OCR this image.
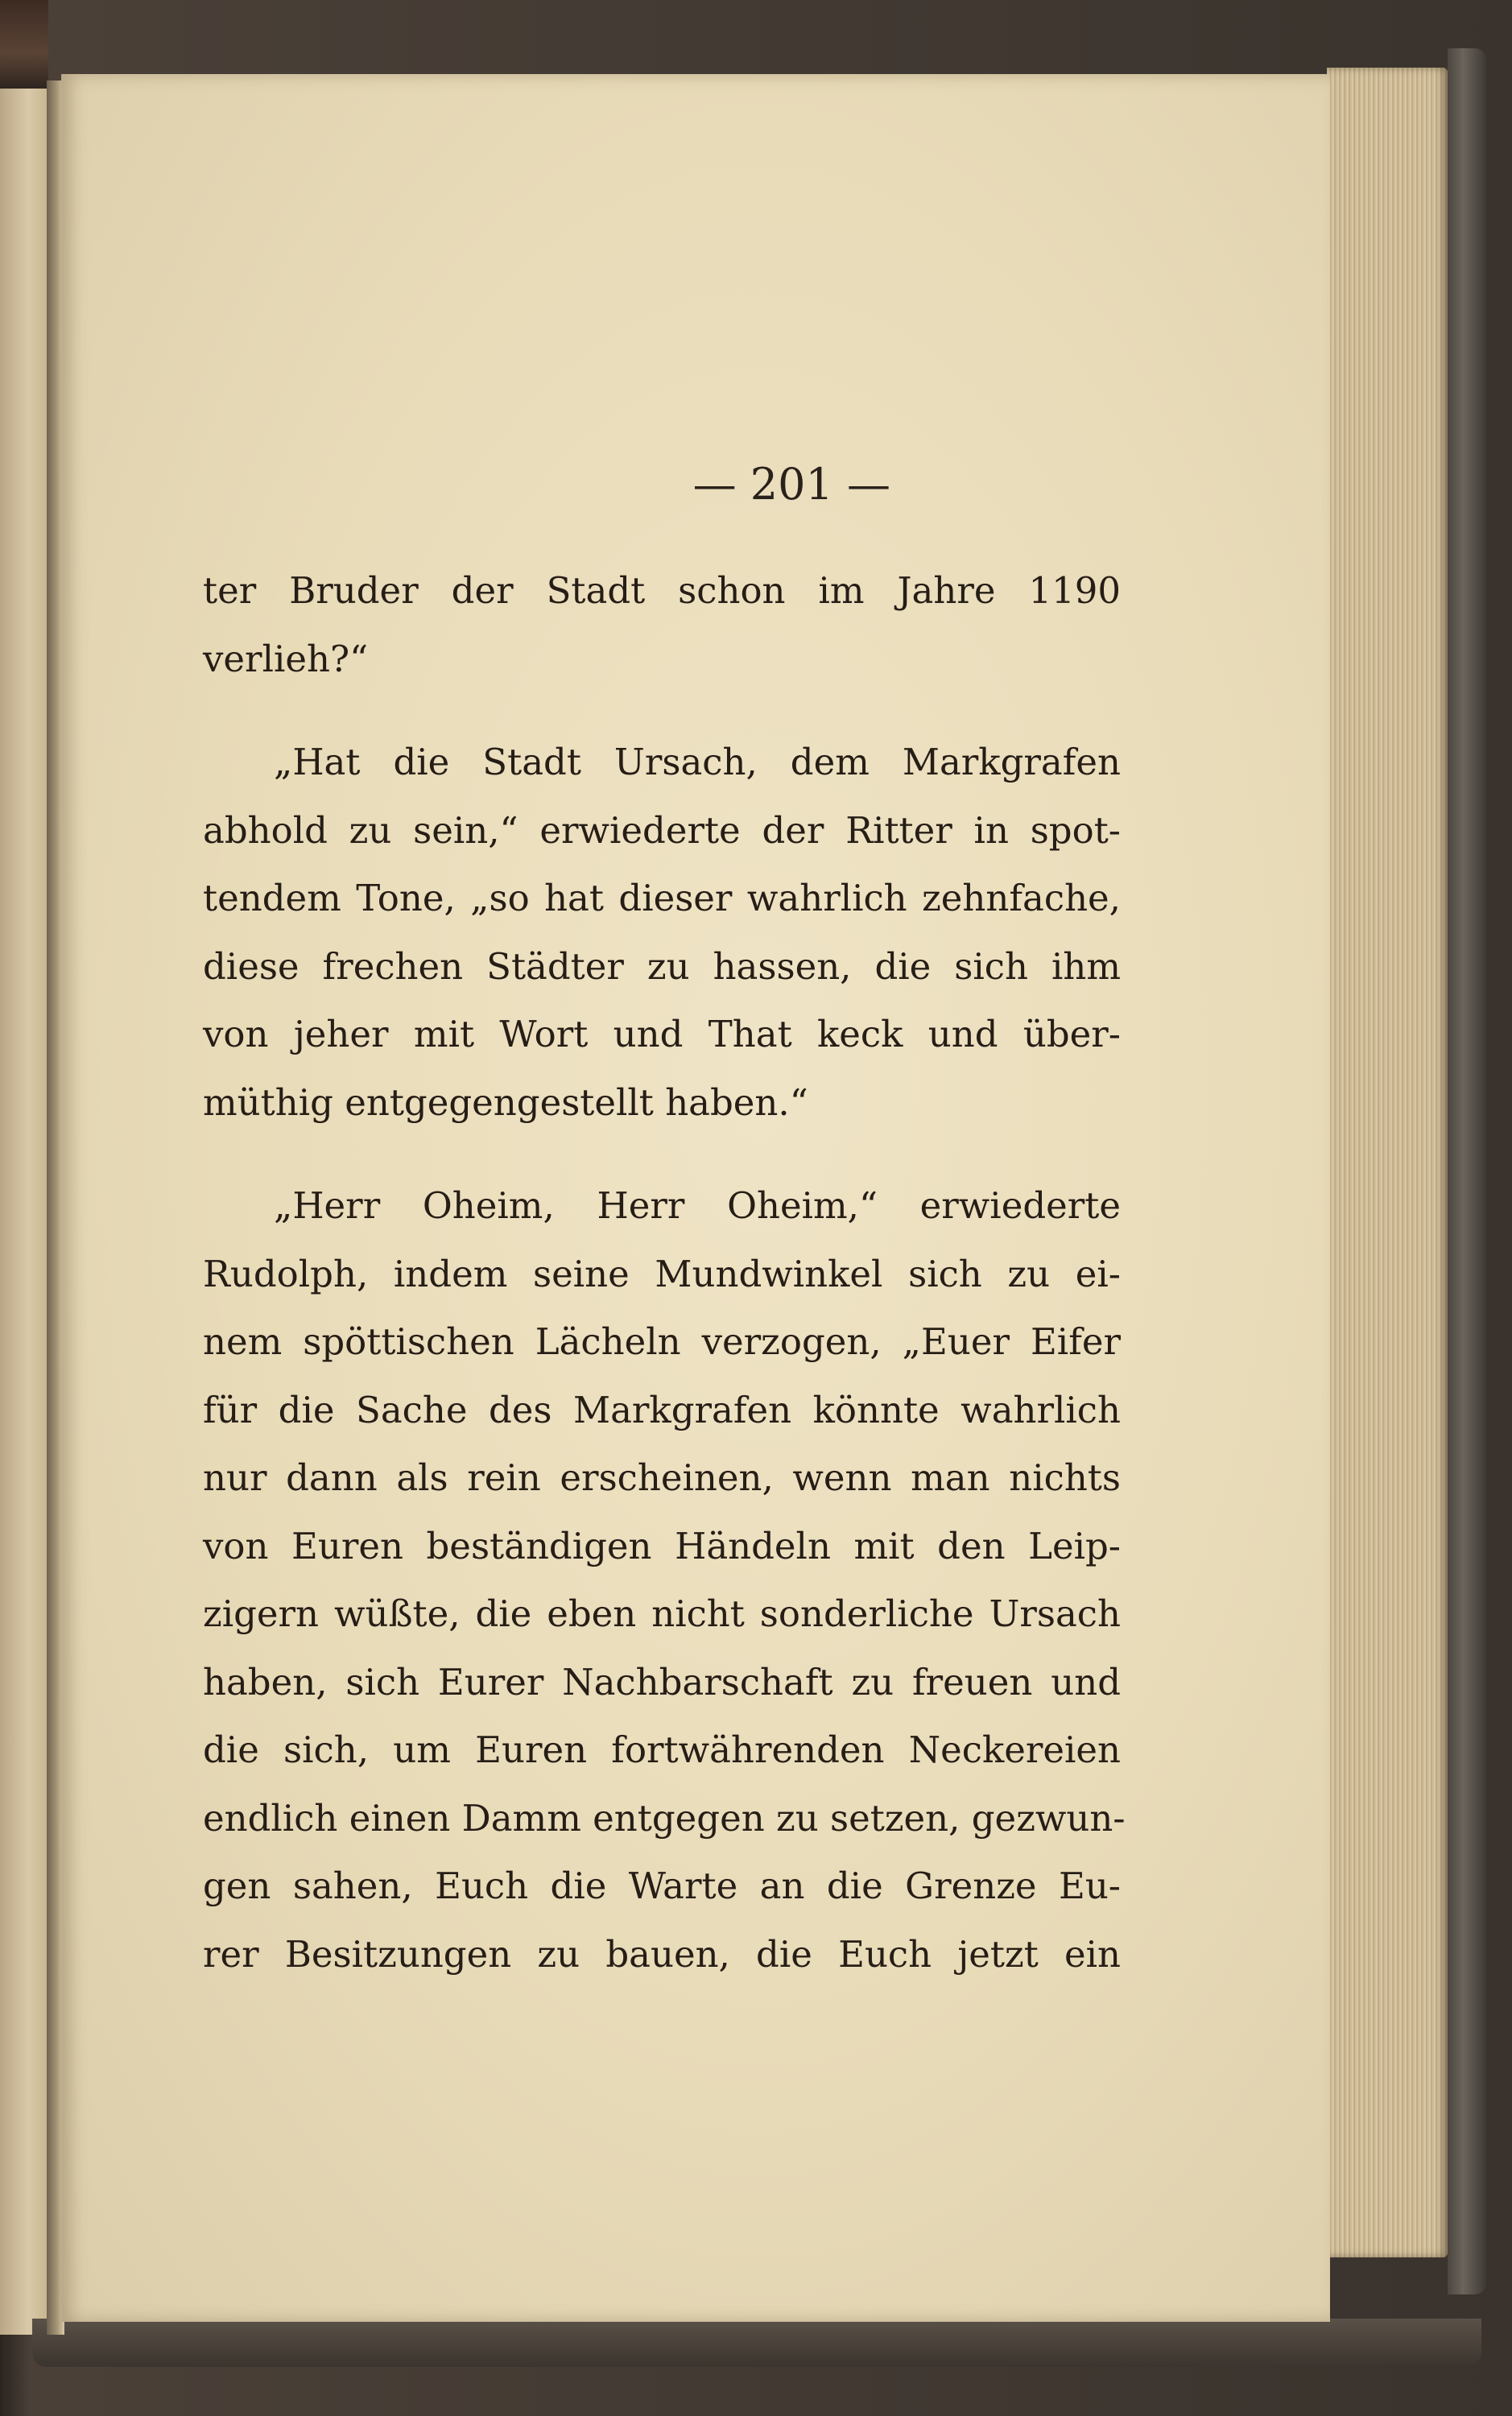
— 201 —
ter Bruder der Stadt schon im Jahre 1190
verlieh?“
„Hat die Stadt Ursach, dem Markgrafen
abhold zu sein,“ erwiederte der Ritter in spot-
tendem Tone, „so hat dieser wahrlich zehnfache,
diese frechen Städter zu hassen, die sich ihm
von jeher mit Wort und That keck und über-
müthig entgegengestellt haben.“
„Herr Oheim, Herr Oheim,“ erwiederte
Rudolph, indem seine Mundwinkel sich zu ei-
nem spöttischen Lächeln verzogen, „Euer Eifer
für die Sache des Markgrafen könnte wahrlich
nur dann als rein erscheinen, wenn man nichts
von Euren beständigen Händeln mit den Leip-
zigern wüßte, die eben nicht sonderliche Ursach
haben, sich Eurer Nachbarschaft zu freuen und
die sich, um Euren fortwährenden Neckereien
endlich einen Damm entgegen zu setzen, gezwun-
gen sahen, Euch die Warte an die Grenze Eu-
rer Besitzungen zu bauen, die Euch jetzt ein
